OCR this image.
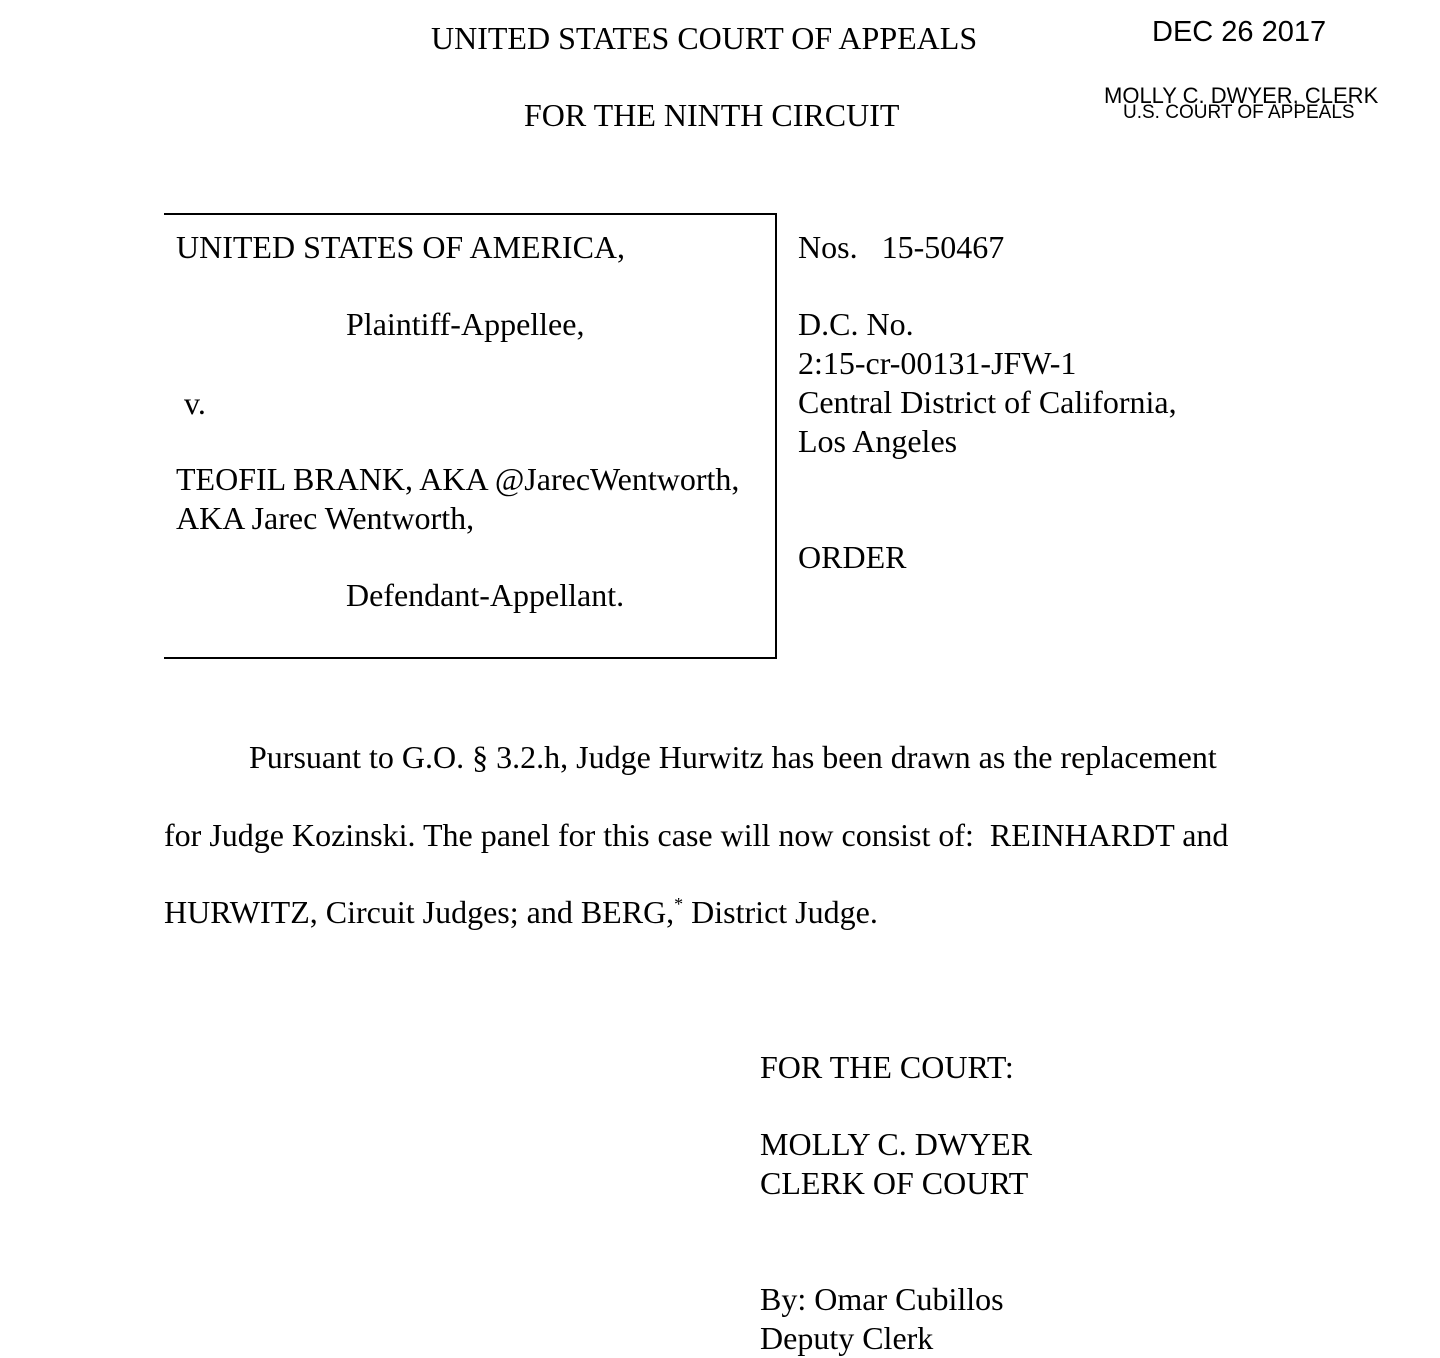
UNITED STATES COURT OF APPEALS
FOR THE NINTH CIRCUIT
DEC 26 2017
MOLLY C. DWYER, CLERK
U.S. COURT OF APPEALS
UNITED STATES OF AMERICA,
Plaintiff-Appellee,
v.
TEOFIL BRANK, AKA @JarecWentworth,
AKA Jarec Wentworth,
Defendant-Appellant.
Nos.   15-50467
D.C. No.
2:15-cr-00131-JFW-1
Central District of California,
Los Angeles
ORDER
Pursuant to G.O. § 3.2.h, Judge Hurwitz has been drawn as the replacement
for Judge Kozinski. The panel for this case will now consist of:  REINHARDT and
HURWITZ, Circuit Judges; and BERG,* District Judge.
FOR THE COURT:
MOLLY C. DWYER
CLERK OF COURT
By: Omar Cubillos
Deputy Clerk
